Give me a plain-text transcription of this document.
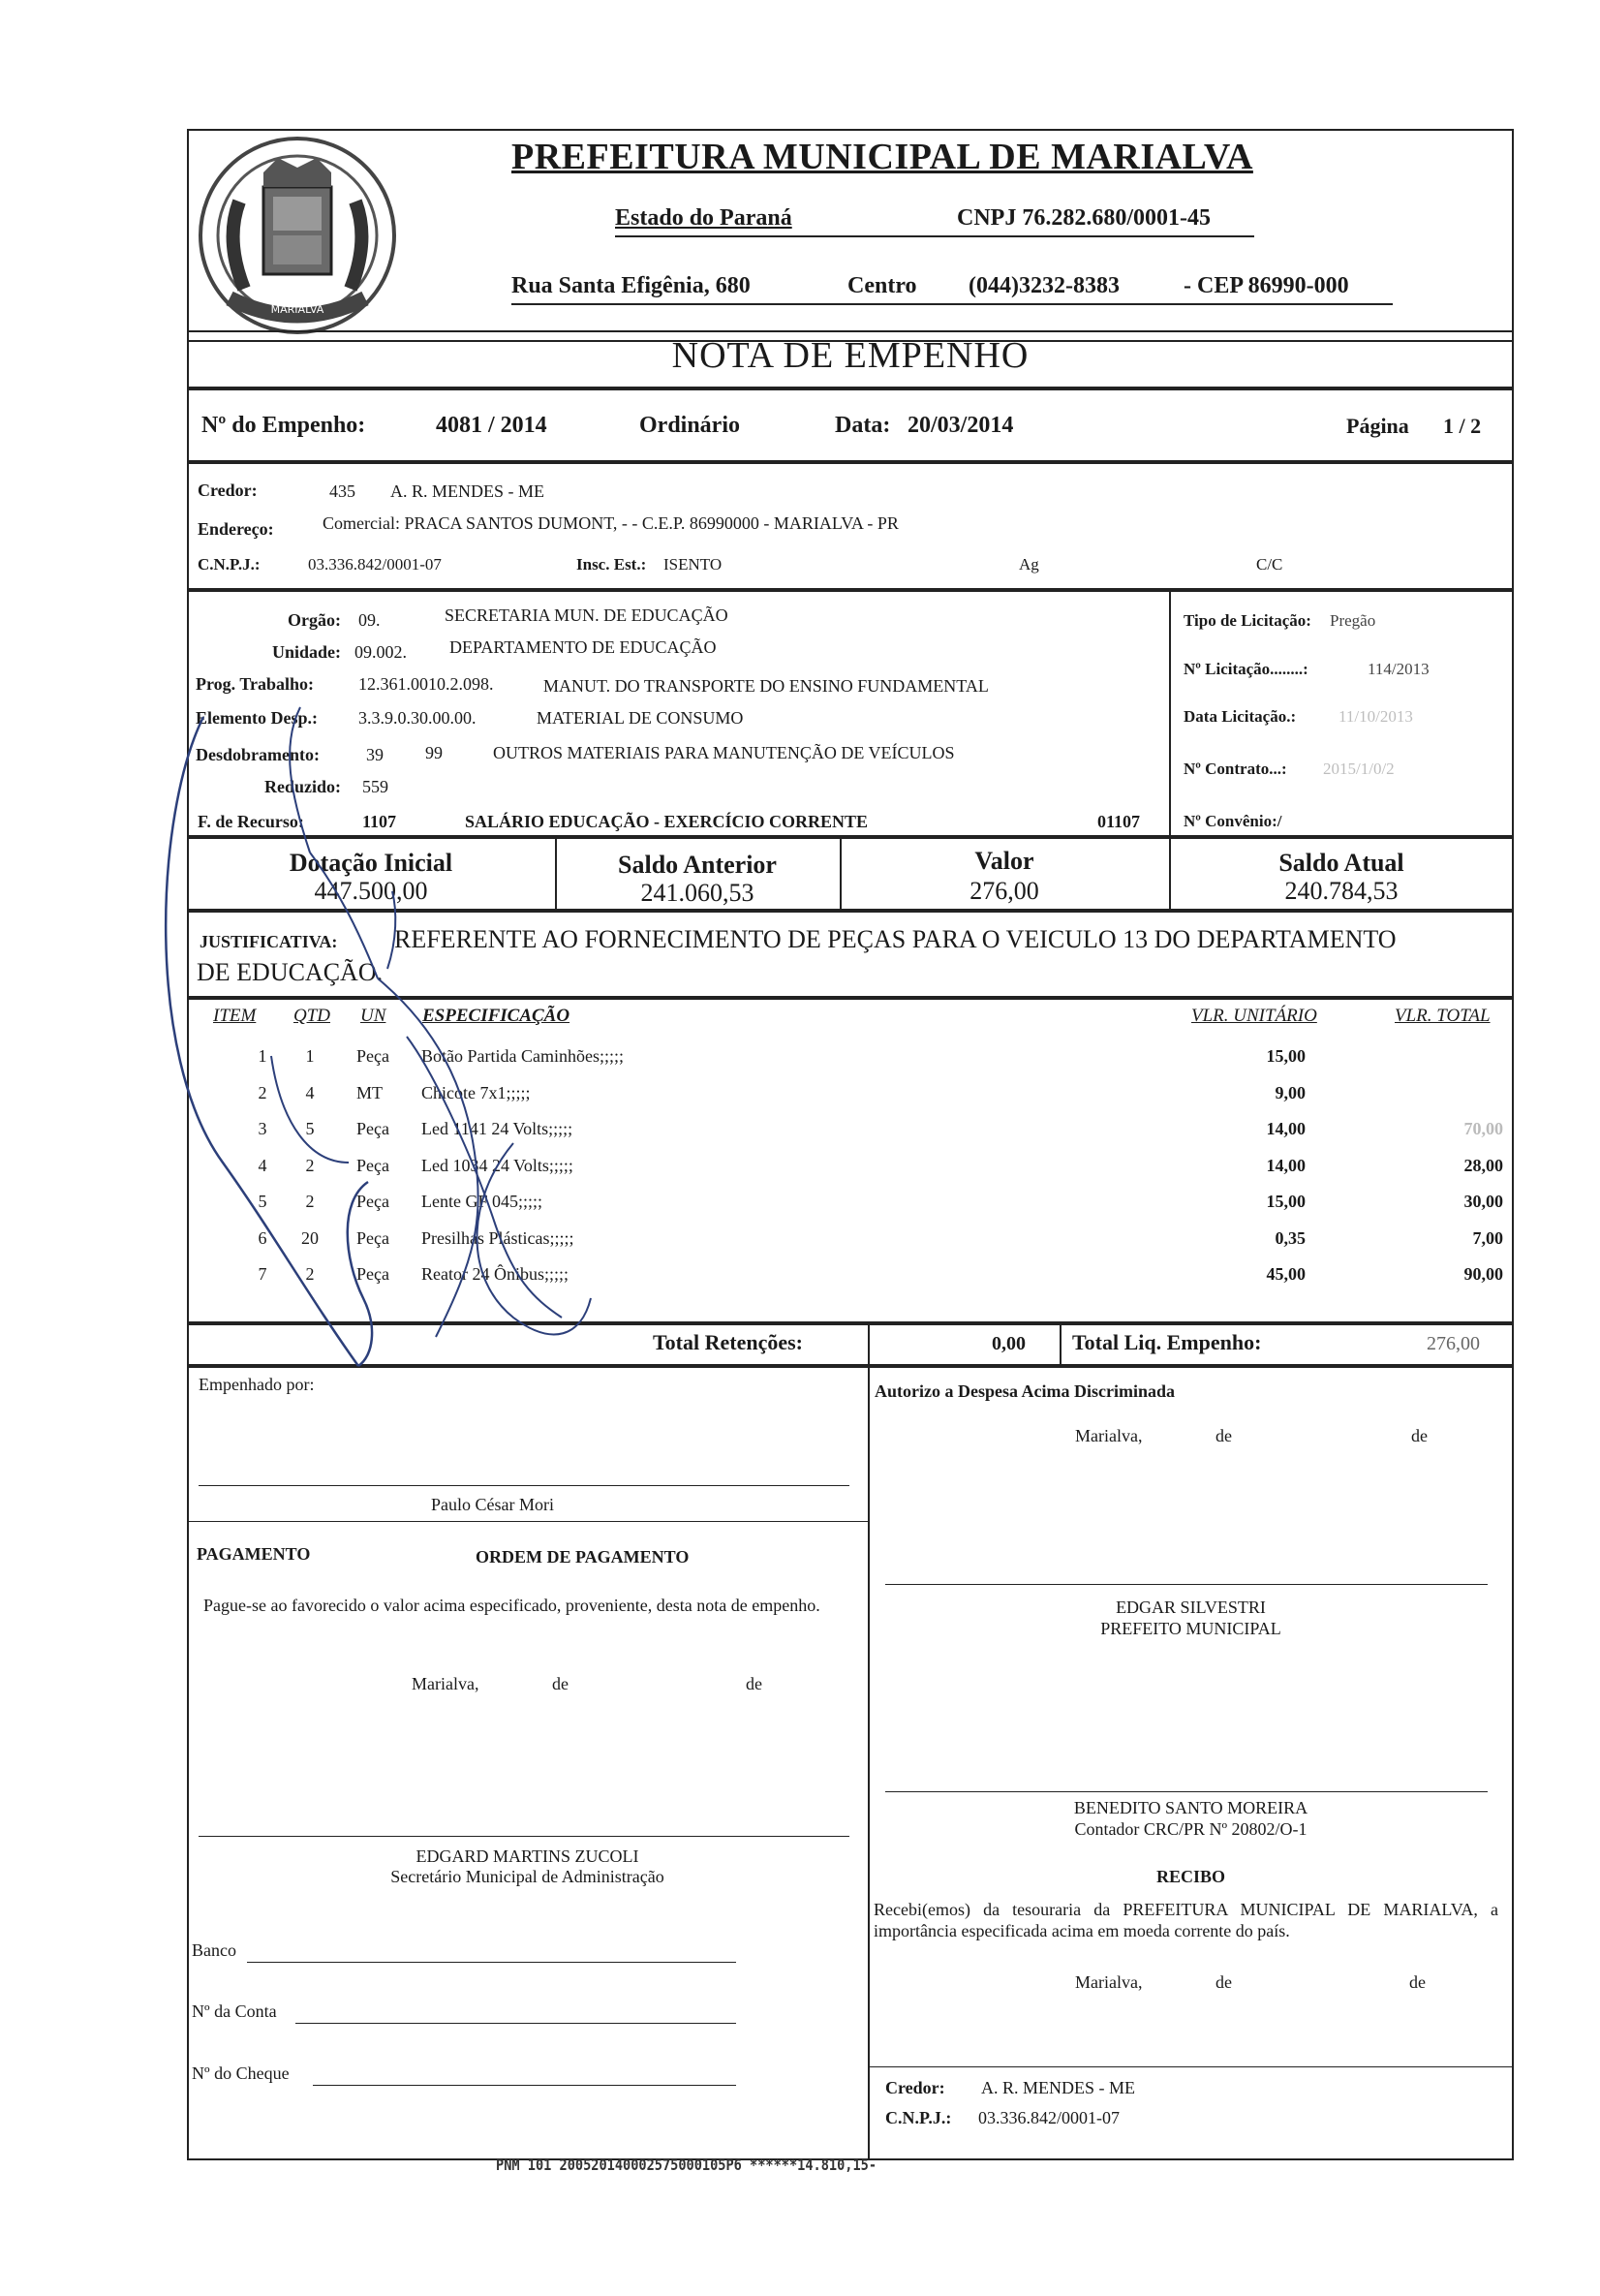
MARIALVA
PREFEITURA MUNICIPAL DE MARIALVA
Estado do Paraná	CNPJ 76.282.680/0001-45
Rua Santa Efigênia, 680	Centro (044)3232-8383	- CEP 86990-000
NOTA DE EMPENHO
Nº do Empenho:	4081 / 2014	Ordinário	Data: 20/03/2014	Página 1 / 2
Credor:	435 A. R. MENDES - ME
Endereço:	Comercial: PRACA SANTOS DUMONT, - - C.E.P. 86990000 - MARIALVA - PR
C.N.P.J.:	03.336.842/0001-07	Insc. Est.: ISENTO	Ag	C/C
Orgão: 09.	SECRETARIA MUN. DE EDUCAÇÃO
Unidade: 09.002. DEPARTAMENTO DE EDUCAÇÃO
Prog. Trabalho:	12.361.0010.2.098.	MANUT. DO TRANSPORTE DO ENSINO FUNDAMENTAL
Elemento Desp.: 3.3.9.0.30.00.00.	MATERIAL DE CONSUMO
Desdobramento:	39 99	OUTROS MATERIAIS PARA MANUTENÇÃO DE VEÍCULOS
Reduzido: 559
F. de Recurso:	1107	SALÁRIO EDUCAÇÃO - EXERCÍCIO CORRENTE	01107
Tipo de Licitação: Pregão
Nº Licitação........:	114/2013
Data Licitação.:	11/10/2013
Nº Contrato...: 2015/1/0/2
Nº Convênio:/
Dotação Inicial
447.500,00
Saldo Anterior
241.060,53
Valor
276,00
Saldo Atual
240.784,53
JUSTIFICATIVA: REFERENTE AO FORNECIMENTO DE PEÇAS PARA O VEICULO 13 DO DEPARTAMENTO
DE EDUCAÇÃO.
ITEM QTD UN ESPECIFICAÇÃO	VLR. UNITÁRIO	VLR. TOTAL
1	1	Peça	Botão Partida Caminhões;;;;;	15,00
2	4	MT	Chicote 7x1;;;;;	9,00
3	5	Peça	Led 1141 24 Volts;;;;;	14,00	70,00
4	2	Peça	Led 1034 24 Volts;;;;;	14,00	28,00
5	2	Peça	Lente GF 045;;;;;	15,00	30,00
6	20	Peça	Presilhas Plásticas;;;;;	0,35	7,00
7	2	Peça	Reator 24 Ônibus;;;;;	45,00	90,00
Total Retenções:	0,00 Total Liq. Empenho:	276,00
Empenhado por:
Paulo César Mori
Autorizo a Despesa Acima Discriminada
Marialva,	de	de
PAGAMENTO	ORDEM DE PAGAMENTO
Pague-se ao favorecido o valor acima especificado, proveniente, desta nota de empenho.
Marialva,	de	de
EDGAR SILVESTRI
PREFEITO MUNICIPAL
BENEDITO SANTO MOREIRA
Contador CRC/PR Nº 20802/O-1
EDGARD MARTINS ZUCOLI
Secretário Municipal de Administração	RECIBO
Recebi(emos) da tesouraria da PREFEITURA MUNICIPAL DE MARIALVA, a importância especificada acima em moeda corrente do país.
Marialva,	de	de
Banco
Nº da Conta
Nº do Cheque
Credor: A. R. MENDES - ME
C.N.P.J.: 03.336.842/0001-07
PNM 101 200520140002575000105P6 ******14.810,15-
